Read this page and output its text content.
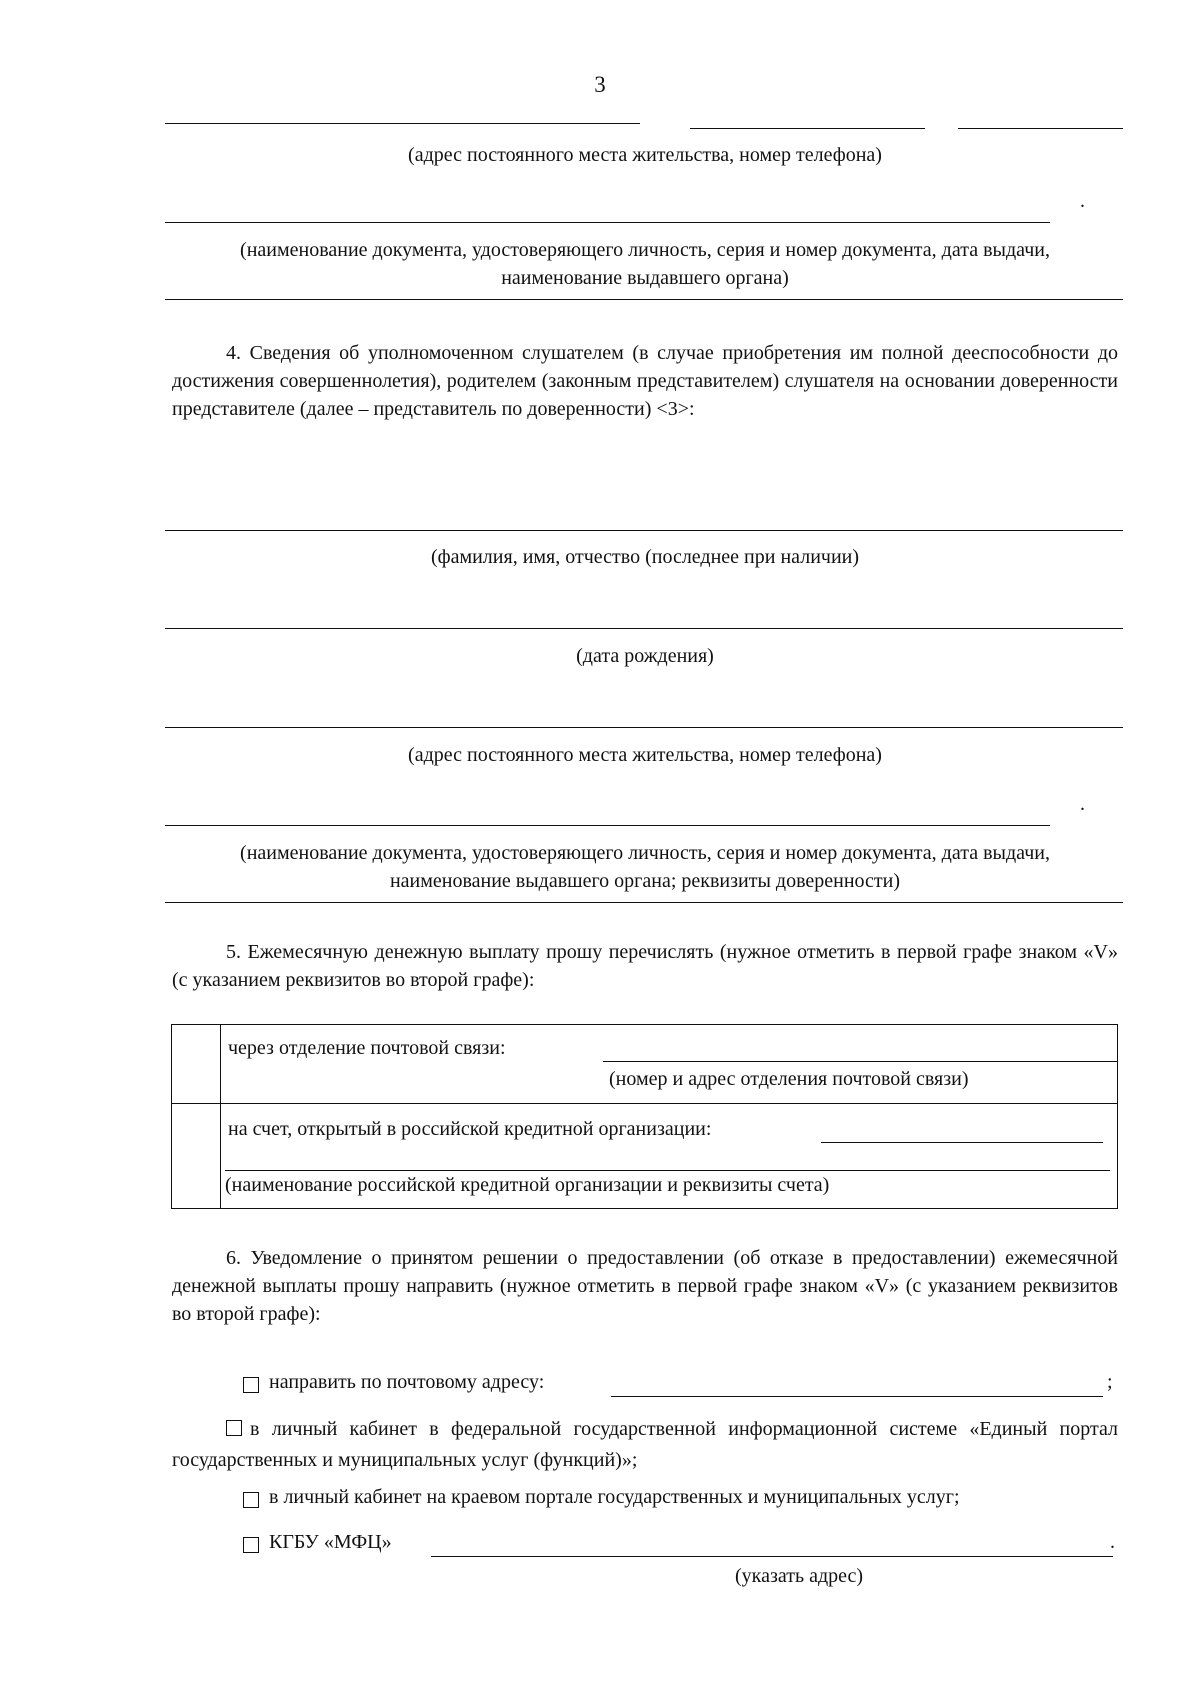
3
(адрес постоянного места жительства, номер телефона)
.
(наименование документа, удостоверяющего личность, серия и номер документа, дата выдачи, наименование выдавшего органа)
4. Сведения об уполномоченном слушателем (в случае приобретения им полной дееспособности до достижения совершеннолетия), родителем (законным представителем) слушателя на основании доверенности представителе (далее – представитель по доверенности) <3>:
(фамилия, имя, отчество (последнее при наличии)
(дата рождения)
(адрес постоянного места жительства, номер телефона)
.
(наименование документа, удостоверяющего личность, серия и номер документа, дата выдачи, наименование выдавшего органа; реквизиты доверенности)
5. Ежемесячную денежную выплату прошу перечислять (нужное отметить в первой графе знаком «V» (с указанием реквизитов во второй графе):

	через отделение почтовой связи:
(номер и адрес отделения почтовой связи)

	на счет, открытый в российской кредитной организации:
(наименование российской кредитной организации и реквизиты счета)
6. Уведомление о принятом решении о предоставлении (об отказе в предоставлении) ежемесячной денежной выплаты прошу направить (нужное отметить в первой графе знаком «V» (с указанием реквизитов во второй графе):
направить по почтовому адресу:	;
в личный кабинет в федеральной государственной информационной системе «Единый портал государственных и муниципальных услуг (функций)»;
в личный кабинет на краевом портале государственных и муниципальных услуг;
КГБУ «МФЦ»	.
(указать адрес)
